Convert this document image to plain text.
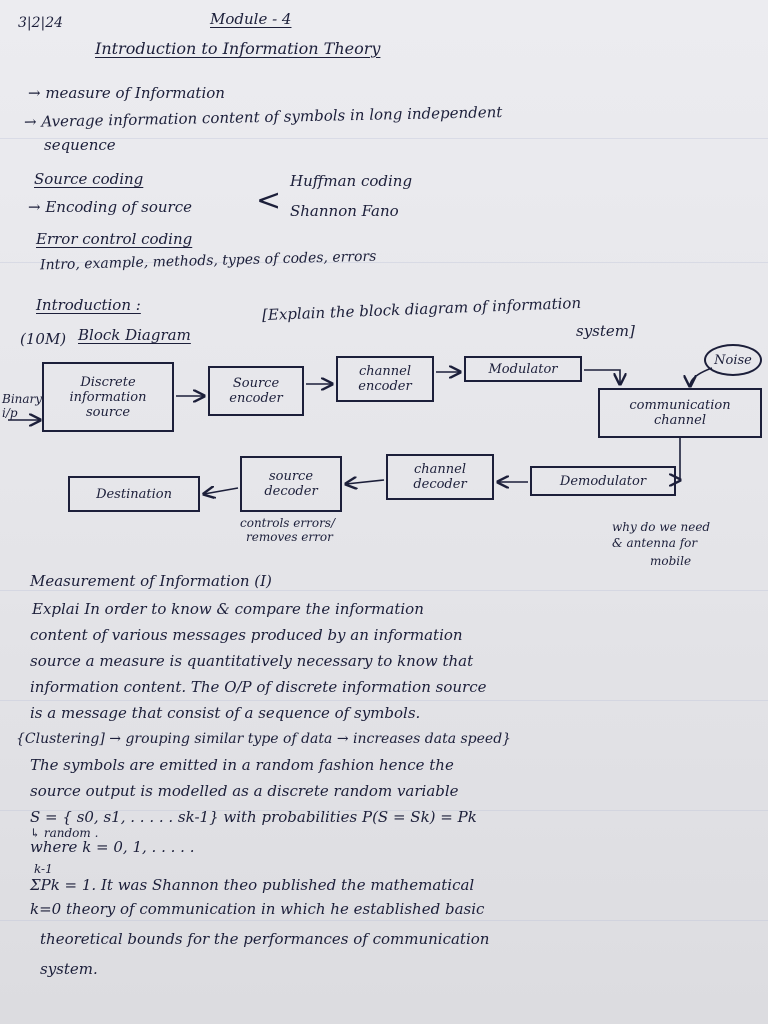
3|2|24	Module - 4
Introduction to Information Theory
→ measure of Information
→ Average information content of symbols in long independent
sequence
Source coding
→ Encoding of source <
Huffman coding
Shannon Fano
Error control coding
Intro, example, methods, types of codes, errors
Introduction :
(10M) Block Diagram
[Explain the block diagram of information
system]
Binary
i/p
Discrete
information
source
Source
encoder
channel
encoder
Modulator
Noise
communication
channel
Demodulator
channel
decoder
source
decoder
Destination
controls errors/
removes error
why do we need
& antenna for
mobile
Measurement of Information (I)
Explai In order to know & compare the information
content of various messages produced by an information
source a measure is quantitatively necessary to know that
information content. The O/P of discrete information source
is a message that consist of a sequence of symbols.
{Clustering] → grouping similar type of data → increases data speed}
The symbols are emitted in a random fashion hence the
source output is modelled as a discrete random variable
S = { s0, s1, . . . . . sk-1} with probabilities P(S = Sk) = Pk
↳ random .
where k = 0, 1, . . . . .
k-1
ΣPk = 1. It was Shannon theo published the mathematical
k=0 theory of communication in which he established basic
theoretical bounds for the performances of communication
system.
